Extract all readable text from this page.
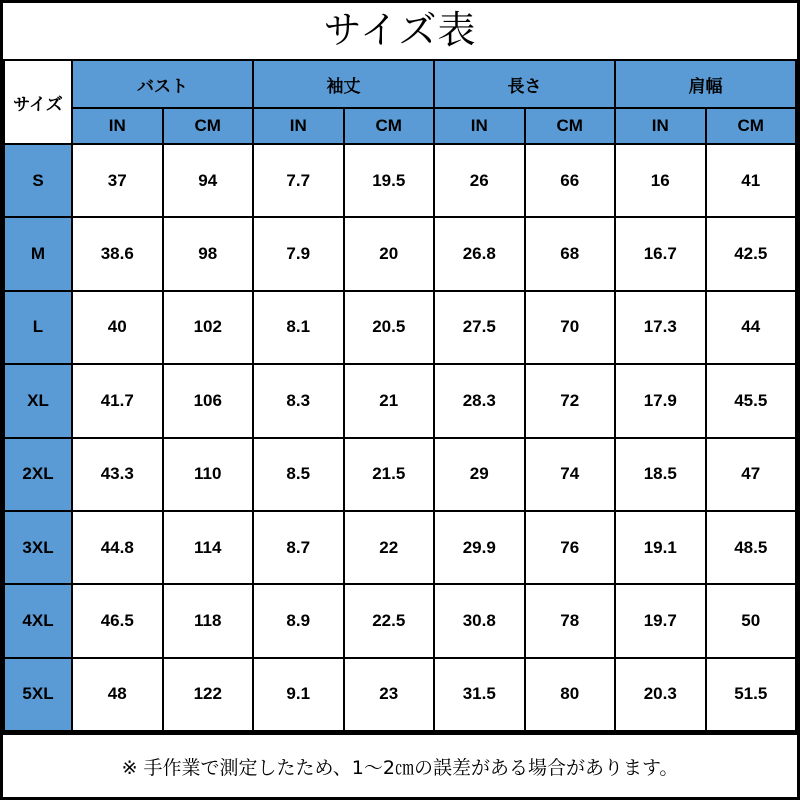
サイズ表
サイズ	バスト		袖丈		長さ		肩幅	
	IN	CM	IN	CM	IN	CM	IN	CM
S	37	94	7.7	19.5	26	66	16	41
M	38.6	98	7.9	20	26.8	68	16.7	42.5
L	40	102	8.1	20.5	27.5	70	17.3	44
XL	41.7	106	8.3	21	28.3	72	17.9	45.5
2XL	43.3	110	8.5	21.5	29	74	18.5	47
3XL	44.8	114	8.7	22	29.9	76	19.1	48.5
4XL	46.5	118	8.9	22.5	30.8	78	19.7	50
5XL	48	122	9.1	23	31.5	80	20.3	51.5
※ 手作業で測定したため、1〜2㎝の誤差がある場合があります。
